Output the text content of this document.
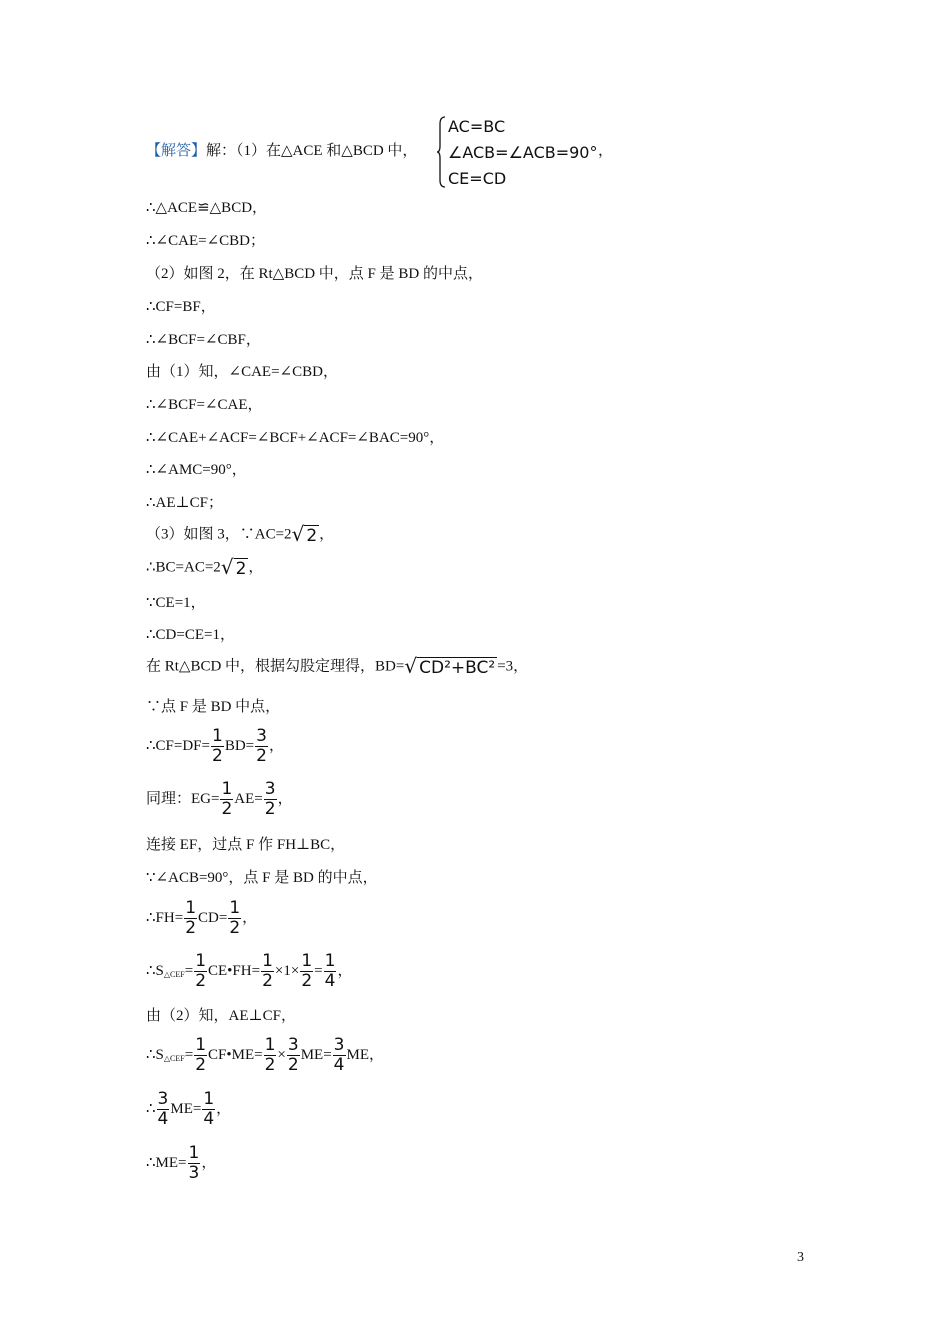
【解答】解：（1）在△ACE 和△BCD 中，
AC=BC
∠ACB=∠ACB=90°
CE=CD
，
∴△ACE≌△BCD，
∴∠CAE=∠CBD；
（2）如图 2，在 Rt△BCD 中，点 F 是 BD 的中点，
∴CF=BF，
∴∠BCF=∠CBF，
由（1）知，∠CAE=∠CBD，
∴∠BCF=∠CAE，
∴∠CAE+∠ACF=∠BCF+∠ACF=∠BAC=90°，
∴∠AMC=90°，
∴AE⊥CF；
（3）如图 3，∵AC=2√ 2 ，
∴BC=AC=2√ 2 ，
∵CE=1，
∴CD=CE=1，
在 Rt△BCD 中，根据勾股定理得，BD=√ CD²+BC² =3，
∵点 F 是 BD 中点，
∴CF=DF= $\frac{1}{2} BD= \frac{3}{2}$ ，
同理：$EG= \frac{1}{2} AE= \frac{3}{2}$ ，
连接 EF，过点 F 作 FH⊥BC，
∵∠ACB=90°，点 F 是 BD 的中点，
∴FH= $\frac{1}{2} CD= \frac{1}{2}$ ，
$\therefore S_{\triangle CEF}= \frac{1}{2}$ CE•FH= $\frac{1}{2} \times 1\times \frac{1}{2} = \frac{1}{4}$ ，
由（2）知，AE⊥CF，
$\therefore S_{\triangle CEF}= \frac{1}{2}$ CF•ME= $\frac{1}{2} \times \frac{3}{2} ME= \frac{3}{4}$ ME，
∴ $\frac{3}{4} ME= \frac{1}{4}$ ，
∴ME= $\frac{1}{3}$ ，
3
